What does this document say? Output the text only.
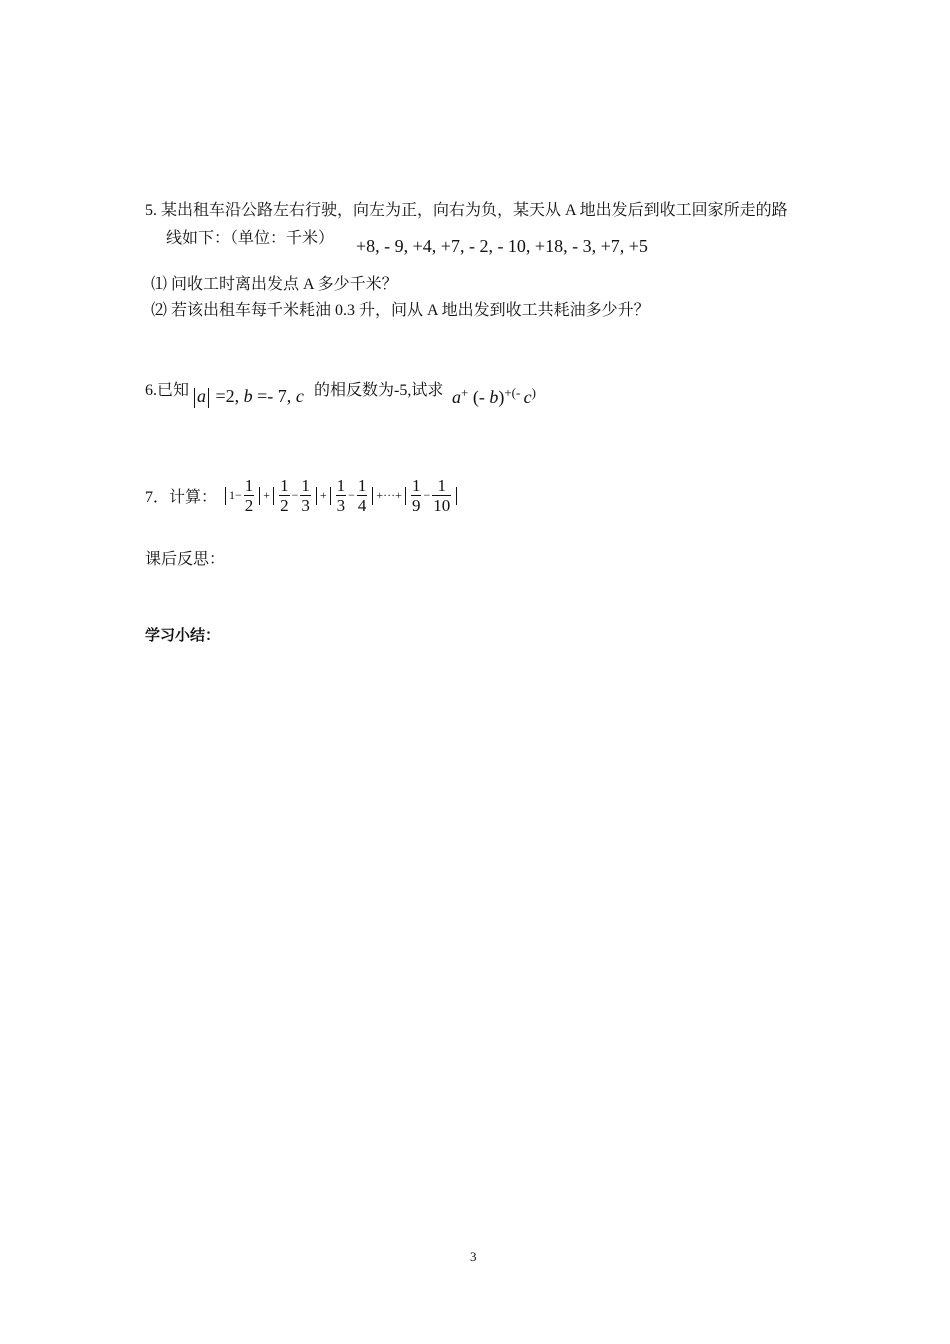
5. 某出租车沿公路左右行驶，向左为正，向右为负，某天从 A 地出发后到收工回家所走的路
线如下：（单位：千米） +8, - 9, +4, +7, - 2, - 10, +18, - 3, +7, +5
⑴ 问收工时离出发点 A 多少千米？
⑵ 若该出租车每千米耗油 0.3 升，问从 A 地出发到收工共耗油多少升？
6.已知 a =2, b =- 7, c 的相反数为-5,试求 a+ (- b)+(- c)
7．计算： $1 - \frac{1}{2} + \frac{1}{2} - \frac{1}{3} + \frac{1}{3} - \frac{1}{4}$ +···+ $\frac{1}{9} - \frac{1}{10}$
课后反思：
学习小结：
3
